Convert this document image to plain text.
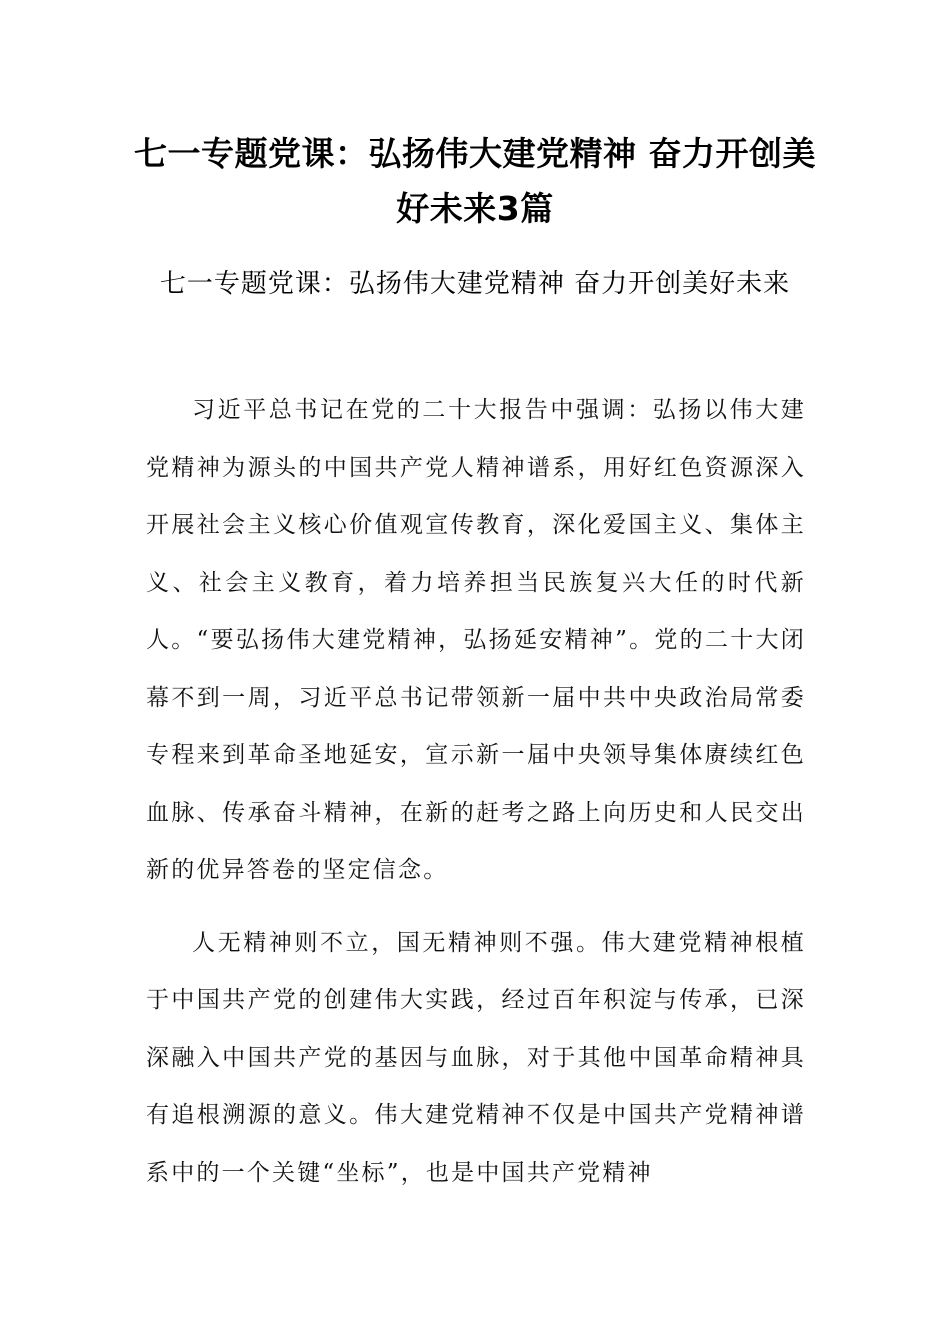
七一专题党课：弘扬伟大建党精神 奋力开创美好未来3篇
七一专题党课：弘扬伟大建党精神 奋力开创美好未来

习近平总书记在党的二十大报告中强调：弘扬以伟大建党精神为源头的中国共产党人精神谱系，用好红色资源深入开展社会主义核心价值观宣传教育，深化爱国主义、集体主义、社会主义教育，着力培养担当民族复兴大任的时代新人。“要弘扬伟大建党精神，弘扬延安精神”。党的二十大闭幕不到一周，习近平总书记带领新一届中共中央政治局常委专程来到革命圣地延安，宣示新一届中央领导集体赓续红色血脉、传承奋斗精神，在新的赶考之路上向历史和人民交出新的优异答卷的坚定信念。

人无精神则不立，国无精神则不强。伟大建党精神根植于中国共产党的创建伟大实践，经过百年积淀与传承，已深深融入中国共产党的基因与血脉，对于其他中国革命精神具有追根溯源的意义。伟大建党精神不仅是中国共产党精神谱系中的一个关键“坐标”，也是中国共产党精神
